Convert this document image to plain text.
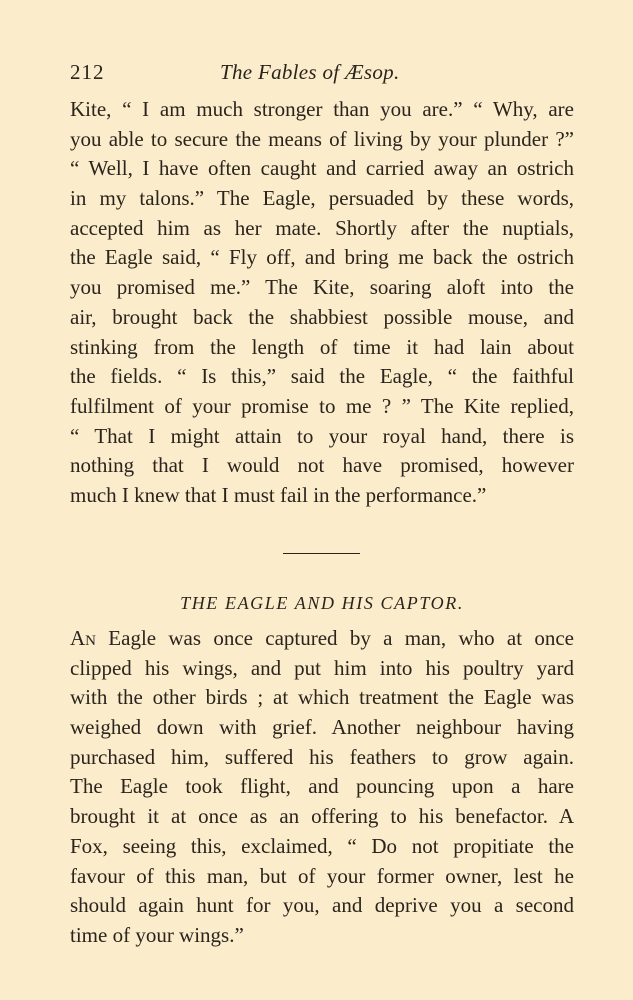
212	The Fables of Æsop.
Kite, “ I am much stronger than you are.” “ Why, are
you able to secure the means of living by your plunder ?”
“ Well, I have often caught and carried away an ostrich
in my talons.” The Eagle, persuaded by these words,
accepted him as her mate. Shortly after the nuptials,
the Eagle said, “ Fly off, and bring me back the ostrich
you promised me.” The Kite, soaring aloft into the
air, brought back the shabbiest possible mouse, and
stinking from the length of time it had lain about
the fields. “ Is this,” said the Eagle, “ the faithful
fulfilment of your promise to me ? ” The Kite replied,
“ That I might attain to your royal hand, there is
nothing that I would not have promised, however
much I knew that I must fail in the performance.”
THE EAGLE AND HIS CAPTOR.
An Eagle was once captured by a man, who at once
clipped his wings, and put him into his poultry yard
with the other birds ; at which treatment the Eagle was
weighed down with grief. Another neighbour having
purchased him, suffered his feathers to grow again.
The Eagle took flight, and pouncing upon a hare
brought it at once as an offering to his benefactor. A
Fox, seeing this, exclaimed, “ Do not propitiate the
favour of this man, but of your former owner, lest he
should again hunt for you, and deprive you a second
time of your wings.”
